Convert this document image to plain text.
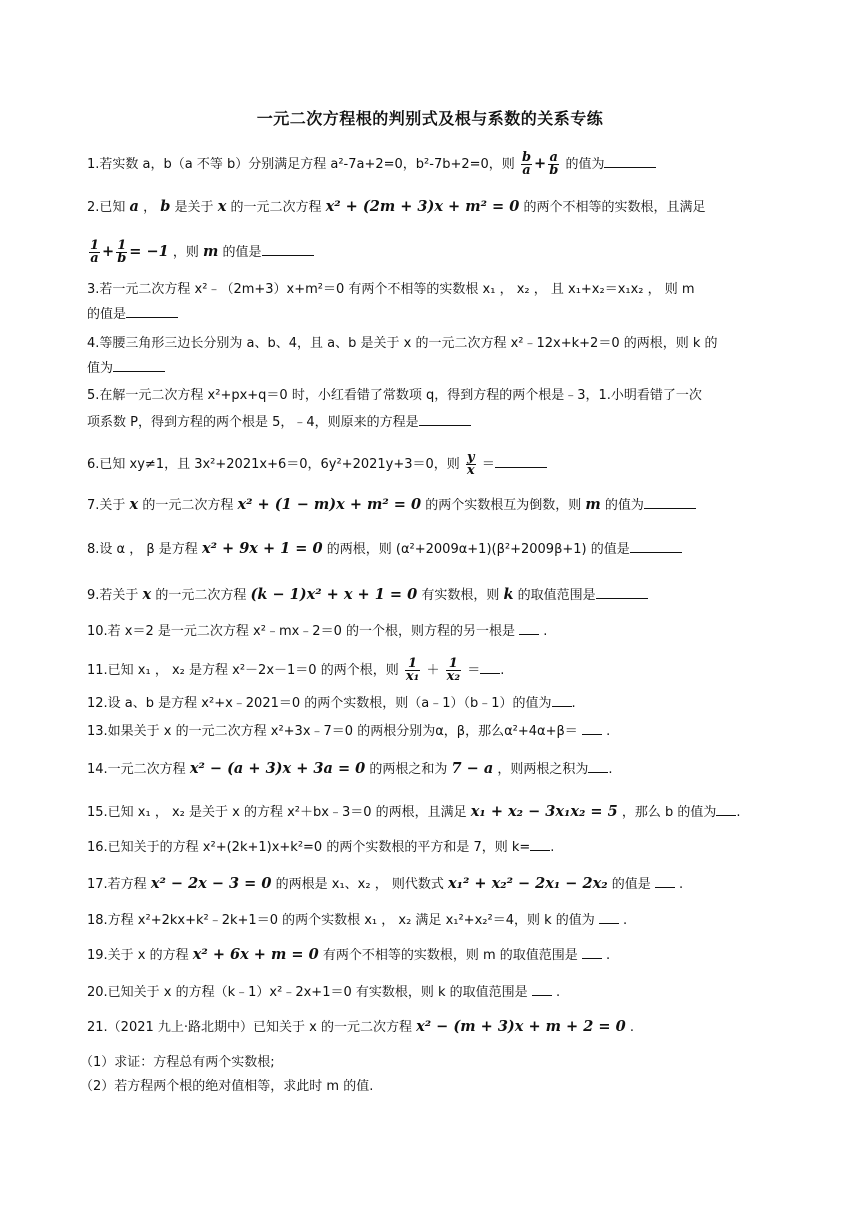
一元二次方程根的判别式及根与系数的关系专练
1.若实数 a，b（a 不等 b）分别满足方程 a²-7a+2=0，b²-7b+2=0，则 $\frac{b}{a} + \frac{a}{b}$ 的值为
2.已知 a ， b 是关于 x 的一元二次方程 x² + (2m + 3)x + m² = 0 的两个不相等的实数根，且满足
$\frac{1}{a} + \frac{1}{b} = -1$ ，则 m 的值是
3.若一元二次方程 x²﹣（2m+3）x+m²＝0 有两个不相等的实数根 x₁ ， x₂ ， 且 x₁+x₂＝x₁x₂ ， 则 m
的值是
4.等腰三角形三边长分别为 a、b、4，且 a、b 是关于 x 的一元二次方程 x²﹣12x+k+2＝0 的两根，则 k 的
值为
5.在解一元二次方程 x²+px+q＝0 时，小红看错了常数项 q，得到方程的两个根是﹣3，1.小明看错了一次
项系数 P，得到方程的两个根是 5，﹣4，则原来的方程是
6.已知 xy≠1，且 3x²+2021x+6＝0，6y²+2021y+3＝0，则 $\frac{y}{x}$ ＝
7.关于 x 的一元二次方程 x² + (1 − m)x + m² = 0 的两个实数根互为倒数，则 m 的值为
8.设 α ， β 是方程 x² + 9x + 1 = 0 的两根，则 (α²+2009α+1)(β²+2009β+1) 的值是
9.若关于 x 的一元二次方程 (k − 1)x² + x + 1 = 0 有实数根，则 k 的取值范围是
10.若 x＝2 是一元二次方程 x²﹣mx﹣2＝0 的一个根，则方程的另一根是 .
11.已知 x₁ ， x₂ 是方程 x²－2x－1＝0 的两个根，则 $\frac{1}{\text{x₁}} + \frac{1}{\text{x₂}}$ ＝ .
12.设 a、b 是方程 x²+x﹣2021＝0 的两个实数根，则（a﹣1）（b﹣1）的值为 .
13.如果关于 x 的一元二次方程 x²+3x﹣7＝0 的两根分别为α，β，那么α²+4α+β＝ .
14.一元二次方程 x² − (a + 3)x + 3a = 0 的两根之和为 7 − a ，则两根之积为 .
15.已知 x₁ ， x₂ 是关于 x 的方程 x²＋bx﹣3＝0 的两根，且满足 x₁ + x₂ − 3x₁x₂ = 5 ，那么 b 的值为 .
16.已知关于的方程 x²+(2k+1)x+k²=0 的两个实数根的平方和是 7，则 k= .
17.若方程 x² − 2x − 3 = 0 的两根是 x₁、x₂ ， 则代数式 x₁² + x₂² − 2x₁ − 2x₂ 的值是 .
18.方程 x²+2kx+k²﹣2k+1＝0 的两个实数根 x₁ ， x₂ 满足 x₁²+x₂²＝4，则 k 的值为 .
19.关于 x 的方程 x² + 6x + m = 0 有两个不相等的实数根，则 m 的取值范围是 .
20.已知关于 x 的方程（k﹣1）x²﹣2x+1＝0 有实数根，则 k 的取值范围是 .
21.（2021 九上·路北期中）已知关于 x 的一元二次方程 x² − (m + 3)x + m + 2 = 0 .
（1）求证：方程总有两个实数根;
（2）若方程两个根的绝对值相等，求此时 m 的值.
